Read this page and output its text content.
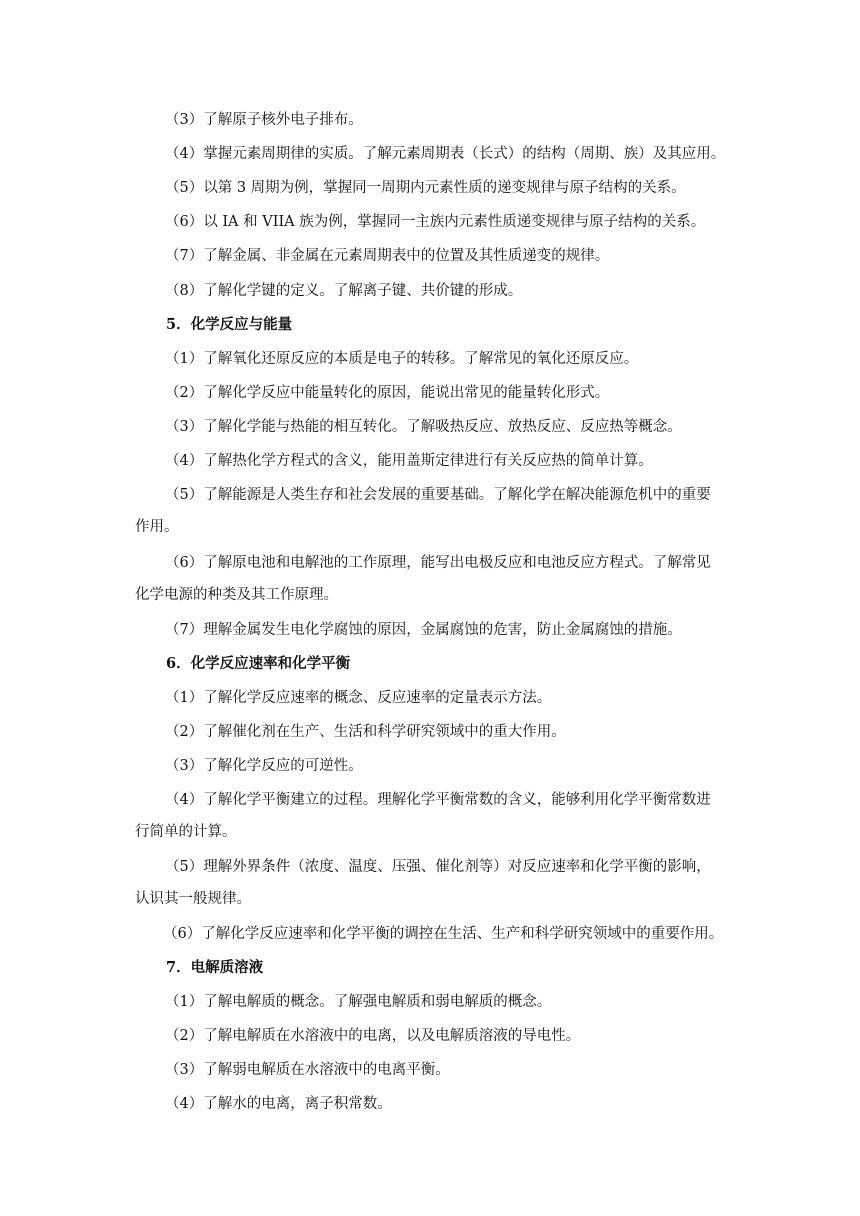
（3）了解原子核外电子排布。
（4）掌握元素周期律的实质。了解元素周期表（长式）的结构（周期、族）及其应用。
（5）以第 3 周期为例，掌握同一周期内元素性质的递变规律与原子结构的关系。
（6）以 IA 和 VIIA 族为例，掌握同一主族内元素性质递变规律与原子结构的关系。
（7）了解金属、非金属在元素周期表中的位置及其性质递变的规律。
（8）了解化学键的定义。了解离子键、共价键的形成。
5．化学反应与能量
（1）了解氧化还原反应的本质是电子的转移。了解常见的氧化还原反应。
（2）了解化学反应中能量转化的原因，能说出常见的能量转化形式。
（3）了解化学能与热能的相互转化。了解吸热反应、放热反应、反应热等概念。
（4）了解热化学方程式的含义，能用盖斯定律进行有关反应热的简单计算。
（5）了解能源是人类生存和社会发展的重要基础。了解化学在解决能源危机中的重要
作用。
（6）了解原电池和电解池的工作原理，能写出电极反应和电池反应方程式。了解常见
化学电源的种类及其工作原理。
（7）理解金属发生电化学腐蚀的原因，金属腐蚀的危害，防止金属腐蚀的措施。
6．化学反应速率和化学平衡
（1）了解化学反应速率的概念、反应速率的定量表示方法。
（2）了解催化剂在生产、生活和科学研究领域中的重大作用。
（3）了解化学反应的可逆性。
（4）了解化学平衡建立的过程。理解化学平衡常数的含义，能够利用化学平衡常数进
行简单的计算。
（5）理解外界条件（浓度、温度、压强、催化剂等）对反应速率和化学平衡的影响，
认识其一般规律。
（6）了解化学反应速率和化学平衡的调控在生活、生产和科学研究领域中的重要作用。
7．电解质溶液
（1）了解电解质的概念。了解强电解质和弱电解质的概念。
（2）了解电解质在水溶液中的电离，以及电解质溶液的导电性。
（3）了解弱电解质在水溶液中的电离平衡。
（4）了解水的电离，离子积常数。
